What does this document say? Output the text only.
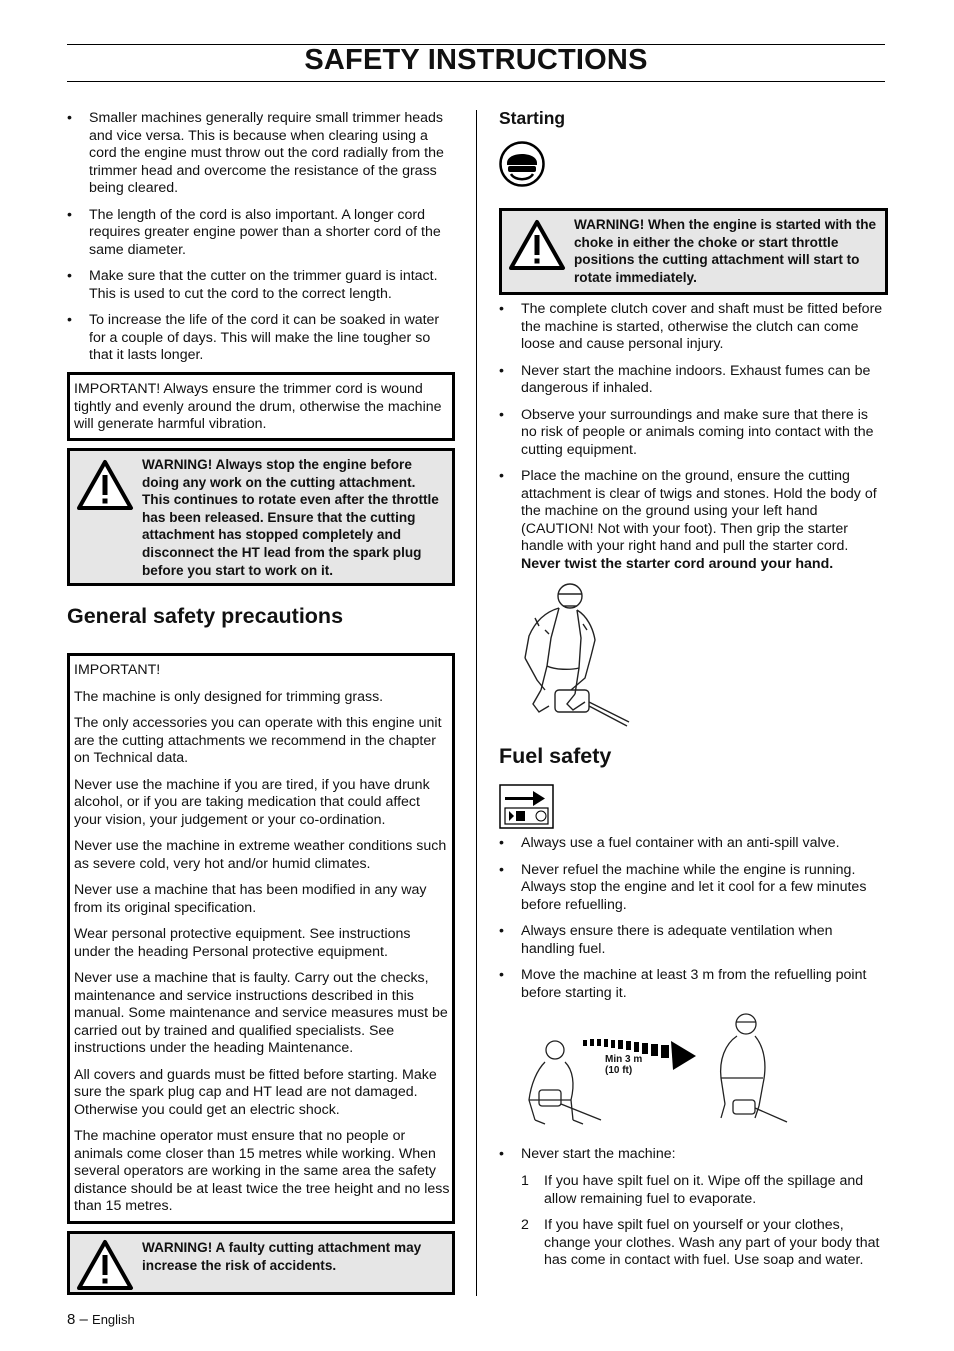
SAFETY INSTRUCTIONS
• Smaller machines generally require small trimmer heads and vice versa. This is because when clearing using a cord the engine must throw out the cord radially from the trimmer head and overcome the resistance of the grass being cleared.
• The length of the cord is also important. A longer cord requires greater engine power than a shorter cord of the same diameter.
• Make sure that the cutter on the trimmer guard is intact. This is used to cut the cord to the correct length.
• To increase the life of the cord it can be soaked in water for a couple of days. This will make the line tougher so that it lasts longer.
IMPORTANT! Always ensure the trimmer cord is wound tightly and evenly around the drum, otherwise the machine will generate harmful vibration.
WARNING! Always stop the engine before doing any work on the cutting attachment. This continues to rotate even after the throttle has been released. Ensure that the cutting attachment has stopped completely and disconnect the HT lead from the spark plug before you start to work on it.
General safety precautions

IMPORTANT!

The machine is only designed for trimming grass.

The only accessories you can operate with this engine unit are the cutting attachments we recommend in the chapter on Technical data.

Never use the machine if you are tired, if you have drunk alcohol, or if you are taking medication that could affect your vision, your judgement or your co-ordination.

Never use the machine in extreme weather conditions such as severe cold, very hot and/or humid climates.

Never use a machine that has been modified in any way from its original specification.

Wear personal protective equipment. See instructions under the heading Personal protective equipment.

Never use a machine that is faulty. Carry out the checks, maintenance and service instructions described in this manual. Some maintenance and service measures must be carried out by trained and qualified specialists. See instructions under the heading Maintenance.

All covers and guards must be fitted before starting. Make sure the spark plug cap and HT lead are not damaged. Otherwise you could get an electric shock.

The machine operator must ensure that no people or animals come closer than 15 metres while working. When several operators are working in the same area the safety distance should be at least twice the tree height and no less than 15 metres.

WARNING! A faulty cutting attachment may increase the risk of accidents.
Starting
WARNING! When the engine is started with the choke in either the choke or start throttle positions the cutting attachment will start to rotate immediately.
• The complete clutch cover and shaft must be fitted before the machine is started, otherwise the clutch can come loose and cause personal injury.
• Never start the machine indoors. Exhaust fumes can be dangerous if inhaled.
• Observe your surroundings and make sure that there is no risk of people or animals coming into contact with the cutting equipment.
• Place the machine on the ground, ensure the cutting attachment is clear of twigs and stones. Hold the body of the machine on the ground using your left hand (CAUTION! Not with your foot). Then grip the starter handle with your right hand and pull the starter cord. Never twist the starter cord around your hand.
Fuel safety
• Always use a fuel container with an anti-spill valve.
• Never refuel the machine while the engine is running. Always stop the engine and let it cool for a few minutes before refuelling.
• Always ensure there is adequate ventilation when handling fuel.
• Move the machine at least 3 m from the refuelling point before starting it.
Min 3 m
(10 ft)
• Never start the machine:
1 If you have spilt fuel on it. Wipe off the spillage and allow remaining fuel to evaporate.
2 If you have spilt fuel on yourself or your clothes, change your clothes. Wash any part of your body that has come in contact with fuel. Use soap and water.
8 – English
